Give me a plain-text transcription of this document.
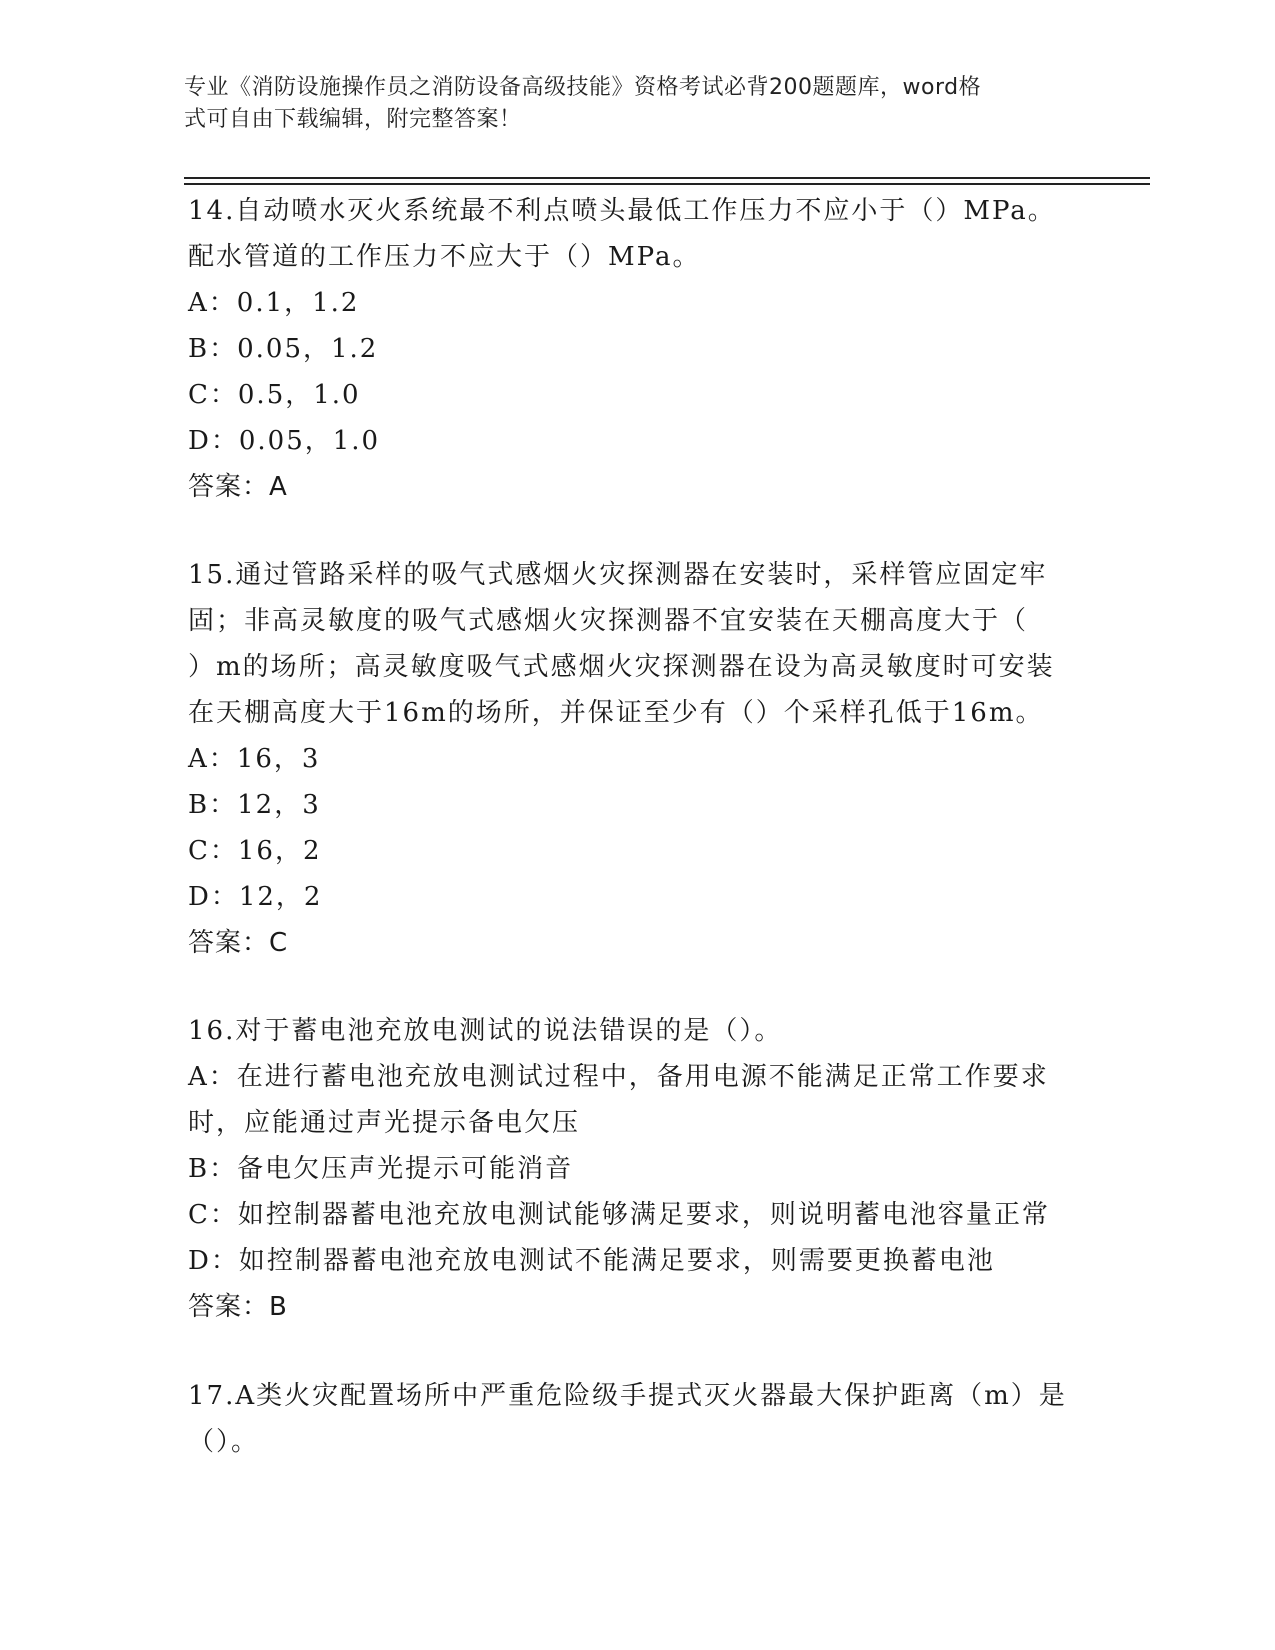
专业《消防设施操作员之消防设备高级技能》资格考试必背200题题库，word格
式可自由下载编辑，附完整答案！
14.自动喷水灭火系统最不利点喷头最低工作压力不应小于（）MPa。
配水管道的工作压力不应大于（）MPa。
A：0.1，1.2
B：0.05，1.2
C：0.5，1.0
D：0.05，1.0
答案：A
15.通过管路采样的吸气式感烟火灾探测器在安装时，采样管应固定牢
固；非高灵敏度的吸气式感烟火灾探测器不宜安装在天棚高度大于（
）m的场所；高灵敏度吸气式感烟火灾探测器在设为高灵敏度时可安装
在天棚高度大于16m的场所，并保证至少有（）个采样孔低于16m。
A：16，3
B：12，3
C：16，2
D：12，2
答案：C
16.对于蓄电池充放电测试的说法错误的是（）。
A：在进行蓄电池充放电测试过程中，备用电源不能满足正常工作要求
时，应能通过声光提示备电欠压
B：备电欠压声光提示可能消音
C：如控制器蓄电池充放电测试能够满足要求，则说明蓄电池容量正常
D：如控制器蓄电池充放电测试不能满足要求，则需要更换蓄电池
答案：B
17.A类火灾配置场所中严重危险级手提式灭火器最大保护距离（m）是
（）。
